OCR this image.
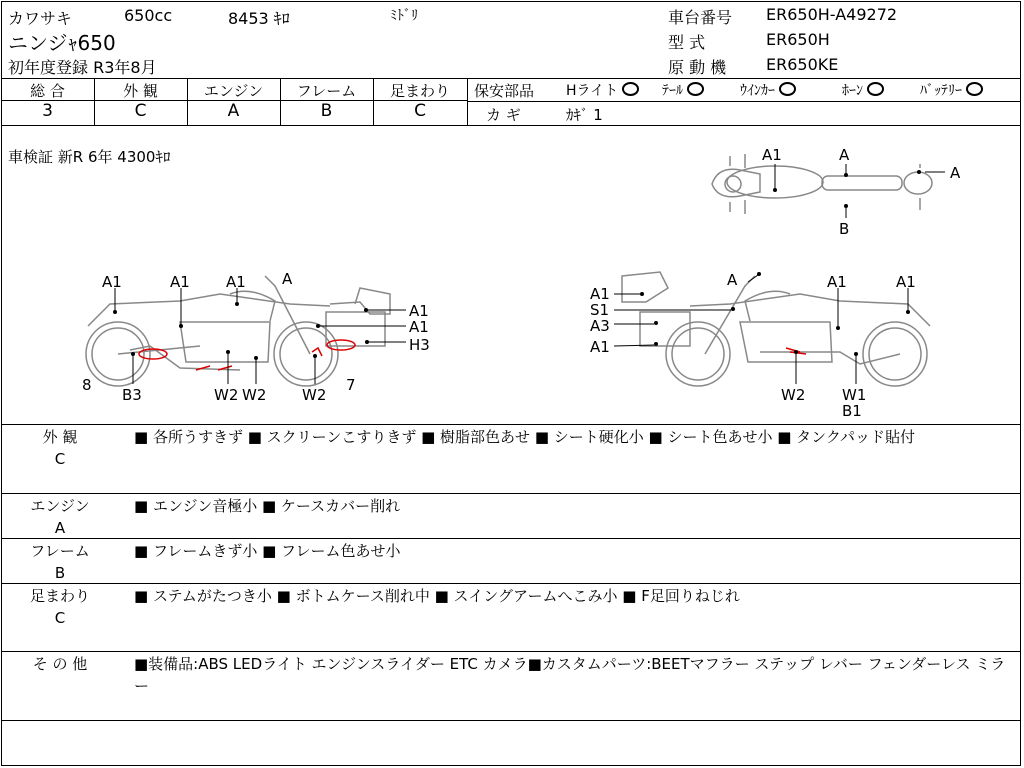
カワサキ	650cc	8453 ｷﾛ	ﾐﾄﾞﾘ
ニンジｬ650
初年度登録 R3年8月
車台番号 ER650H-A49272
型 式	ER650H
原 動 機 ER650KE
総 合	外 観	エンジン	フレーム	足まわり
3	C	A	B	C
保安部品 Hライト	ﾃｰﾙ	ｳｲﾝｶｰ	ﾎｰﾝ	ﾊﾞｯﾃﾘｰ
カ ギ	ｶｷﾞ 1
車検証 新R 6年 4300ｷﾛ	A1	A
A
B
A1	A1 A1 A
A1
A1
H3
8
B3	W2 W2 W2
7
A	A1	A1
A1
S1
A3
A1
W2 W1
B1
外 観
C
■ 各所うすきず ■ スクリーンこすりきず ■ 樹脂部色あせ ■ シート硬化小 ■ シート色あせ小 ■ タンクパッド貼付
エンジン
A
■ エンジン音極小 ■ ケースカバー削れ
フレーム
B
■ フレームきず小 ■ フレーム色あせ小
足まわり
C
■ ステムがたつき小 ■ ボトムケース削れ中 ■ スイングアームへこみ小 ■ F足回りねじれ
そ の 他	■装備品:ABS LEDライト エンジンスライダー ETC カメラ■カスタムパーツ:BEETマフラー ステップ レバー フェンダーレス ミラー
